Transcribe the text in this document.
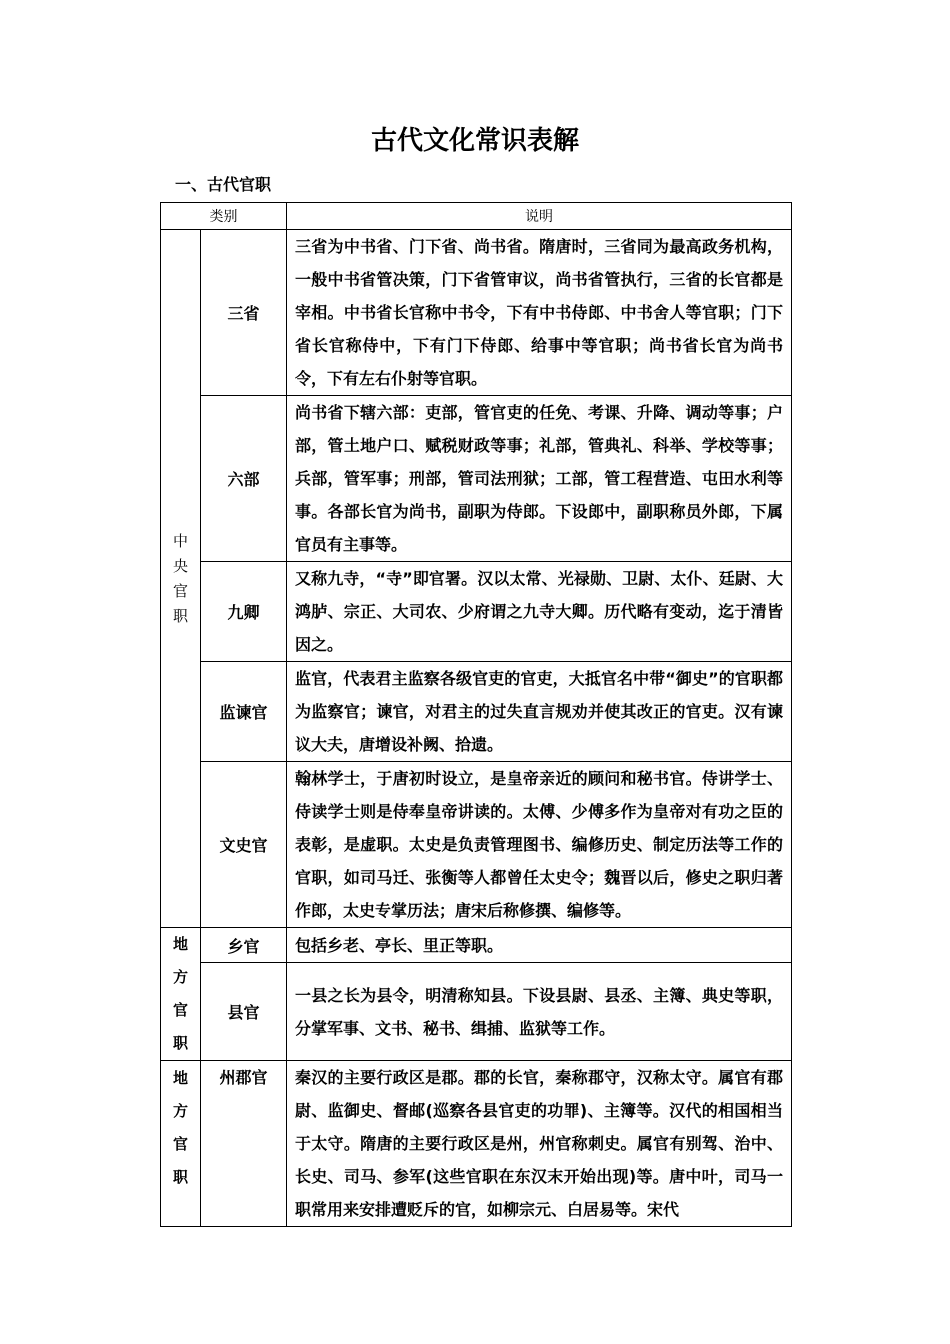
古代文化常识表解
一、古代官职
类别		说明

中
央
官
职	三省	三省为中书省、门下省、尚书省。隋唐时，三省同为最高政务机构，一般中书省管决策，门下省管审议，尚书省管执行，三省的长官都是宰相。中书省长官称中书令，下有中书侍郎、中书舍人等官职；门下省长官称侍中，下有门下侍郎、给事中等官职；尚书省长官为尚书令，下有左右仆射等官职。
	六部	尚书省下辖六部：吏部，管官吏的任免、考课、升降、调动等事；户部，管土地户口、赋税财政等事；礼部，管典礼、科举、学校等事；兵部，管军事；刑部，管司法刑狱；工部，管工程营造、屯田水利等事。各部长官为尚书，副职为侍郎。下设郎中，副职称员外郎，下属官员有主事等。
	九卿	又称九寺，“寺”即官署。汉以太常、光禄勋、卫尉、太仆、廷尉、大鸿胪、宗正、大司农、少府谓之九寺大卿。历代略有变动，迄于清皆因之。
	监谏官	监官，代表君主监察各级官吏的官吏，大抵官名中带“御史”的官职都为监察官；谏官，对君主的过失直言规劝并使其改正的官吏。汉有谏议大夫，唐增设补阙、拾遗。
	文史官	翰林学士，于唐初时设立，是皇帝亲近的顾问和秘书官。侍讲学士、侍读学士则是侍奉皇帝讲读的。太傅、少傅多作为皇帝对有功之臣的表彰，是虚职。太史是负责管理图书、编修历史、制定历法等工作的官职，如司马迁、张衡等人都曾任太史令；魏晋以后，修史之职归著作郎，太史专掌历法；唐宋后称修撰、编修等。

地
方
官
职	乡官	包括乡老、亭长、里正等职。
	县官	一县之长为县令，明清称知县。下设县尉、县丞、主簿、典史等职，分掌军事、文书、秘书、缉捕、监狱等工作。

地
方
官
职	州郡官	秦汉的主要行政区是郡。郡的长官，秦称郡守，汉称太守。属官有郡尉、监御史、督邮(巡察各县官吏的功罪)、主簿等。汉代的相国相当于太守。隋唐的主要行政区是州，州官称刺史。属官有别驾、治中、长史、司马、参军(这些官职在东汉末开始出现)等。唐中叶，司马一职常用来安排遭贬斥的官，如柳宗元、白居易等。宋代
